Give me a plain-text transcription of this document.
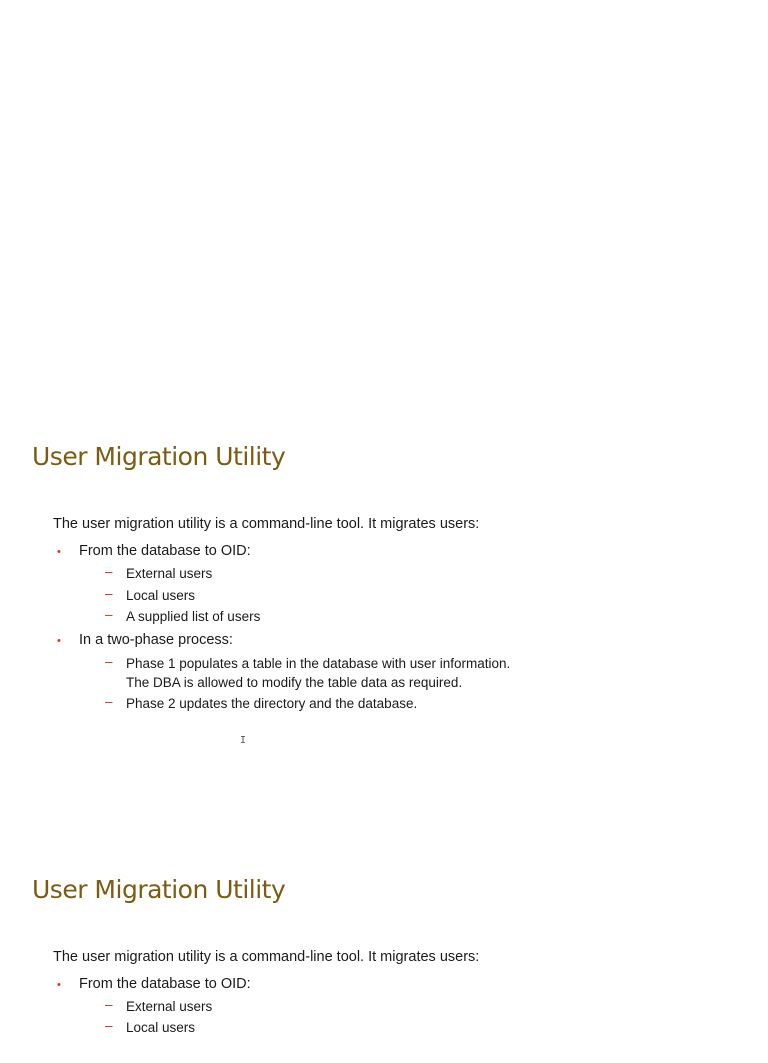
User Migration Utility
The user migration utility is a command-line tool. It migrates users:
• From the database to OID:
– External users
– Local users
– A supplied list of users
• In a two-phase process:
– Phase 1 populates a table in the database with user information.
The DBA is allowed to modify the table data as required.
– Phase 2 updates the directory and the database.
I
User Migration Utility
The user migration utility is a command-line tool. It migrates users:
• From the database to OID:
– External users
– Local users
